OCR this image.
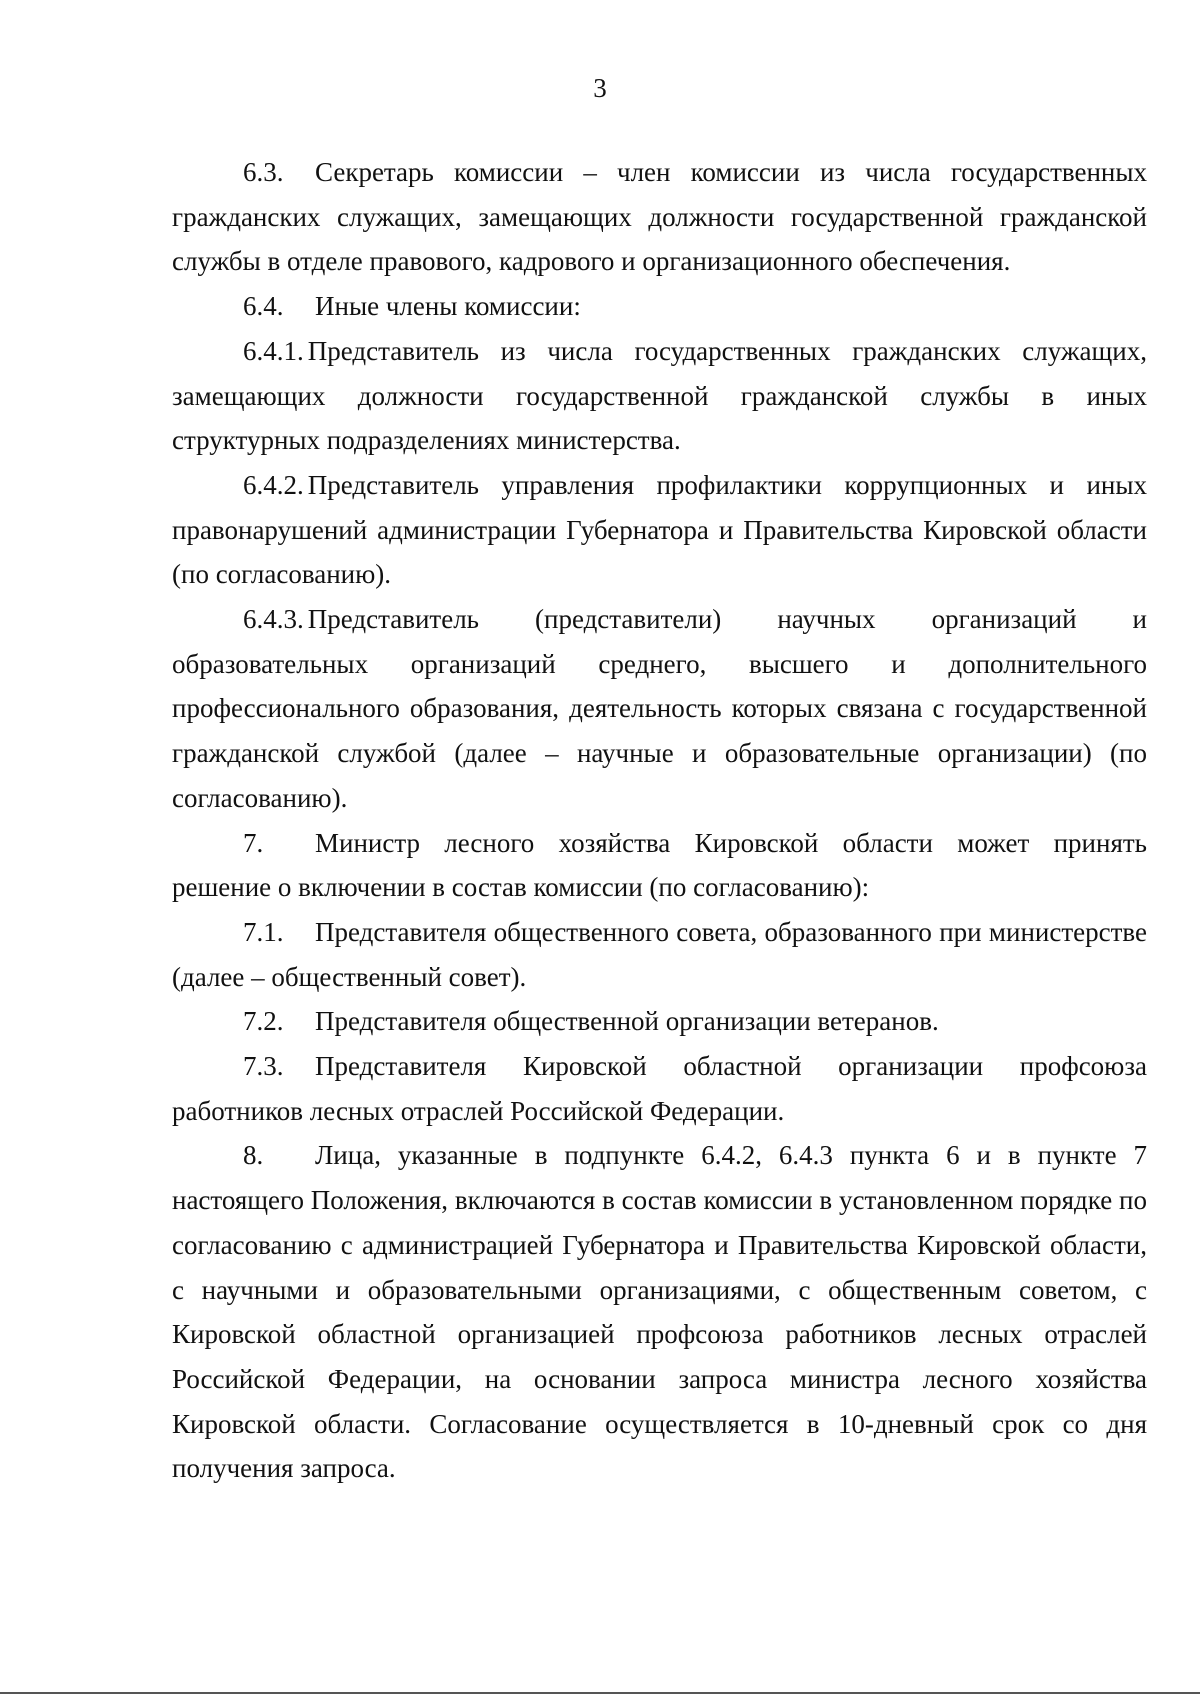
3

6.3. Секретарь комиссии – член комиссии из числа государственных гражданских служащих, замещающих должности государственной гражданской службы в отделе правового, кадрового и организационного обеспечения.

6.4. Иные члены комиссии:

6.4.1. Представитель из числа государственных гражданских служащих, замещающих должности государственной гражданской службы в иных структурных подразделениях министерства.

6.4.2. Представитель управления профилактики коррупционных и иных правонарушений администрации Губернатора и Правительства Кировской области (по согласованию).

6.4.3. Представитель (представители) научных организаций и образовательных организаций среднего, высшего и дополнительного профессионального образования, деятельность которых связана с государственной гражданской службой (далее – научные и образовательные организации) (по согласованию).

7. Министр лесного хозяйства Кировской области может принять решение о включении в состав комиссии (по согласованию):

7.1. Представителя общественного совета, образованного при министерстве (далее – общественный совет).

7.2. Представителя общественной организации ветеранов.

7.3. Представителя Кировской областной организации профсоюза работников лесных отраслей Российской Федерации.

8. Лица, указанные в подпункте 6.4.2, 6.4.3 пункта 6 и в пункте 7 настоящего Положения, включаются в состав комиссии в установленном порядке по согласованию с администрацией Губернатора и Правительства Кировской области, с научными и образовательными организациями, с общественным советом, с Кировской областной организацией профсоюза работников лесных отраслей Российской Федерации, на основании запроса министра лесного хозяйства Кировской области. Согласование осуществляется в 10-дневный срок со дня получения запроса.
